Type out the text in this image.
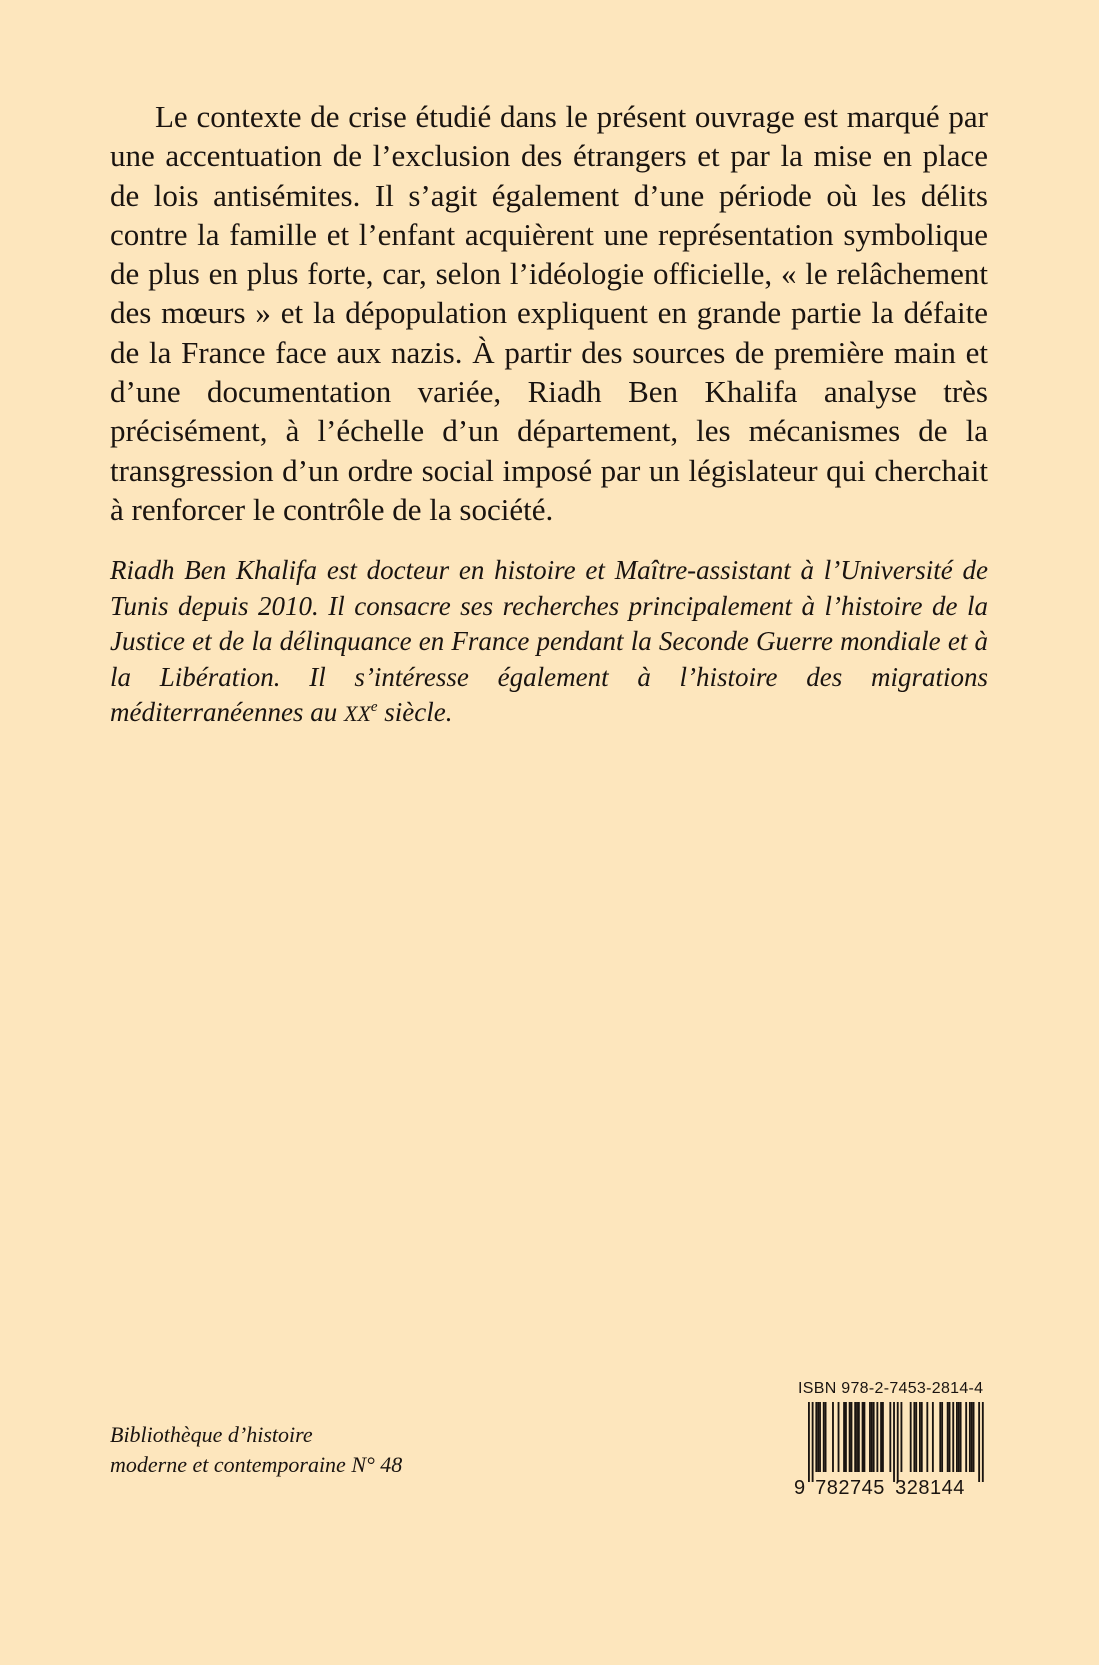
Le contexte de crise étudié dans le présent ouvrage est marqué par une accentuation de l’exclusion des étrangers et par la mise en place de lois antisémites. Il s’agit également d’une période où les délits contre la famille et l’enfant acquièrent une représentation symbolique de plus en plus forte, car, selon l’idéologie officielle, « le relâchement des mœurs » et la dépopulation expliquent en grande partie la défaite de la France face aux nazis. À partir des sources de première main et d’une documentation variée, Riadh Ben Khalifa analyse très précisément, à l’échelle d’un département, les mécanismes de la transgression d’un ordre social imposé par un législateur qui cherchait à renforcer le contrôle de la société.

Riadh Ben Khalifa est docteur en histoire et Maître-assistant à l’Université de Tunis depuis 2010. Il consacre ses recherches principalement à l’histoire de la Justice et de la délinquance en France pendant la Seconde Guerre mondiale et à la Libération. Il s’intéresse également à l’histoire des migrations méditerranéennes au XXe siècle.

Bibliothèque d’histoire
moderne et contemporaine N° 48
ISBN 978-2-7453-2814-4
9 782745 328144
